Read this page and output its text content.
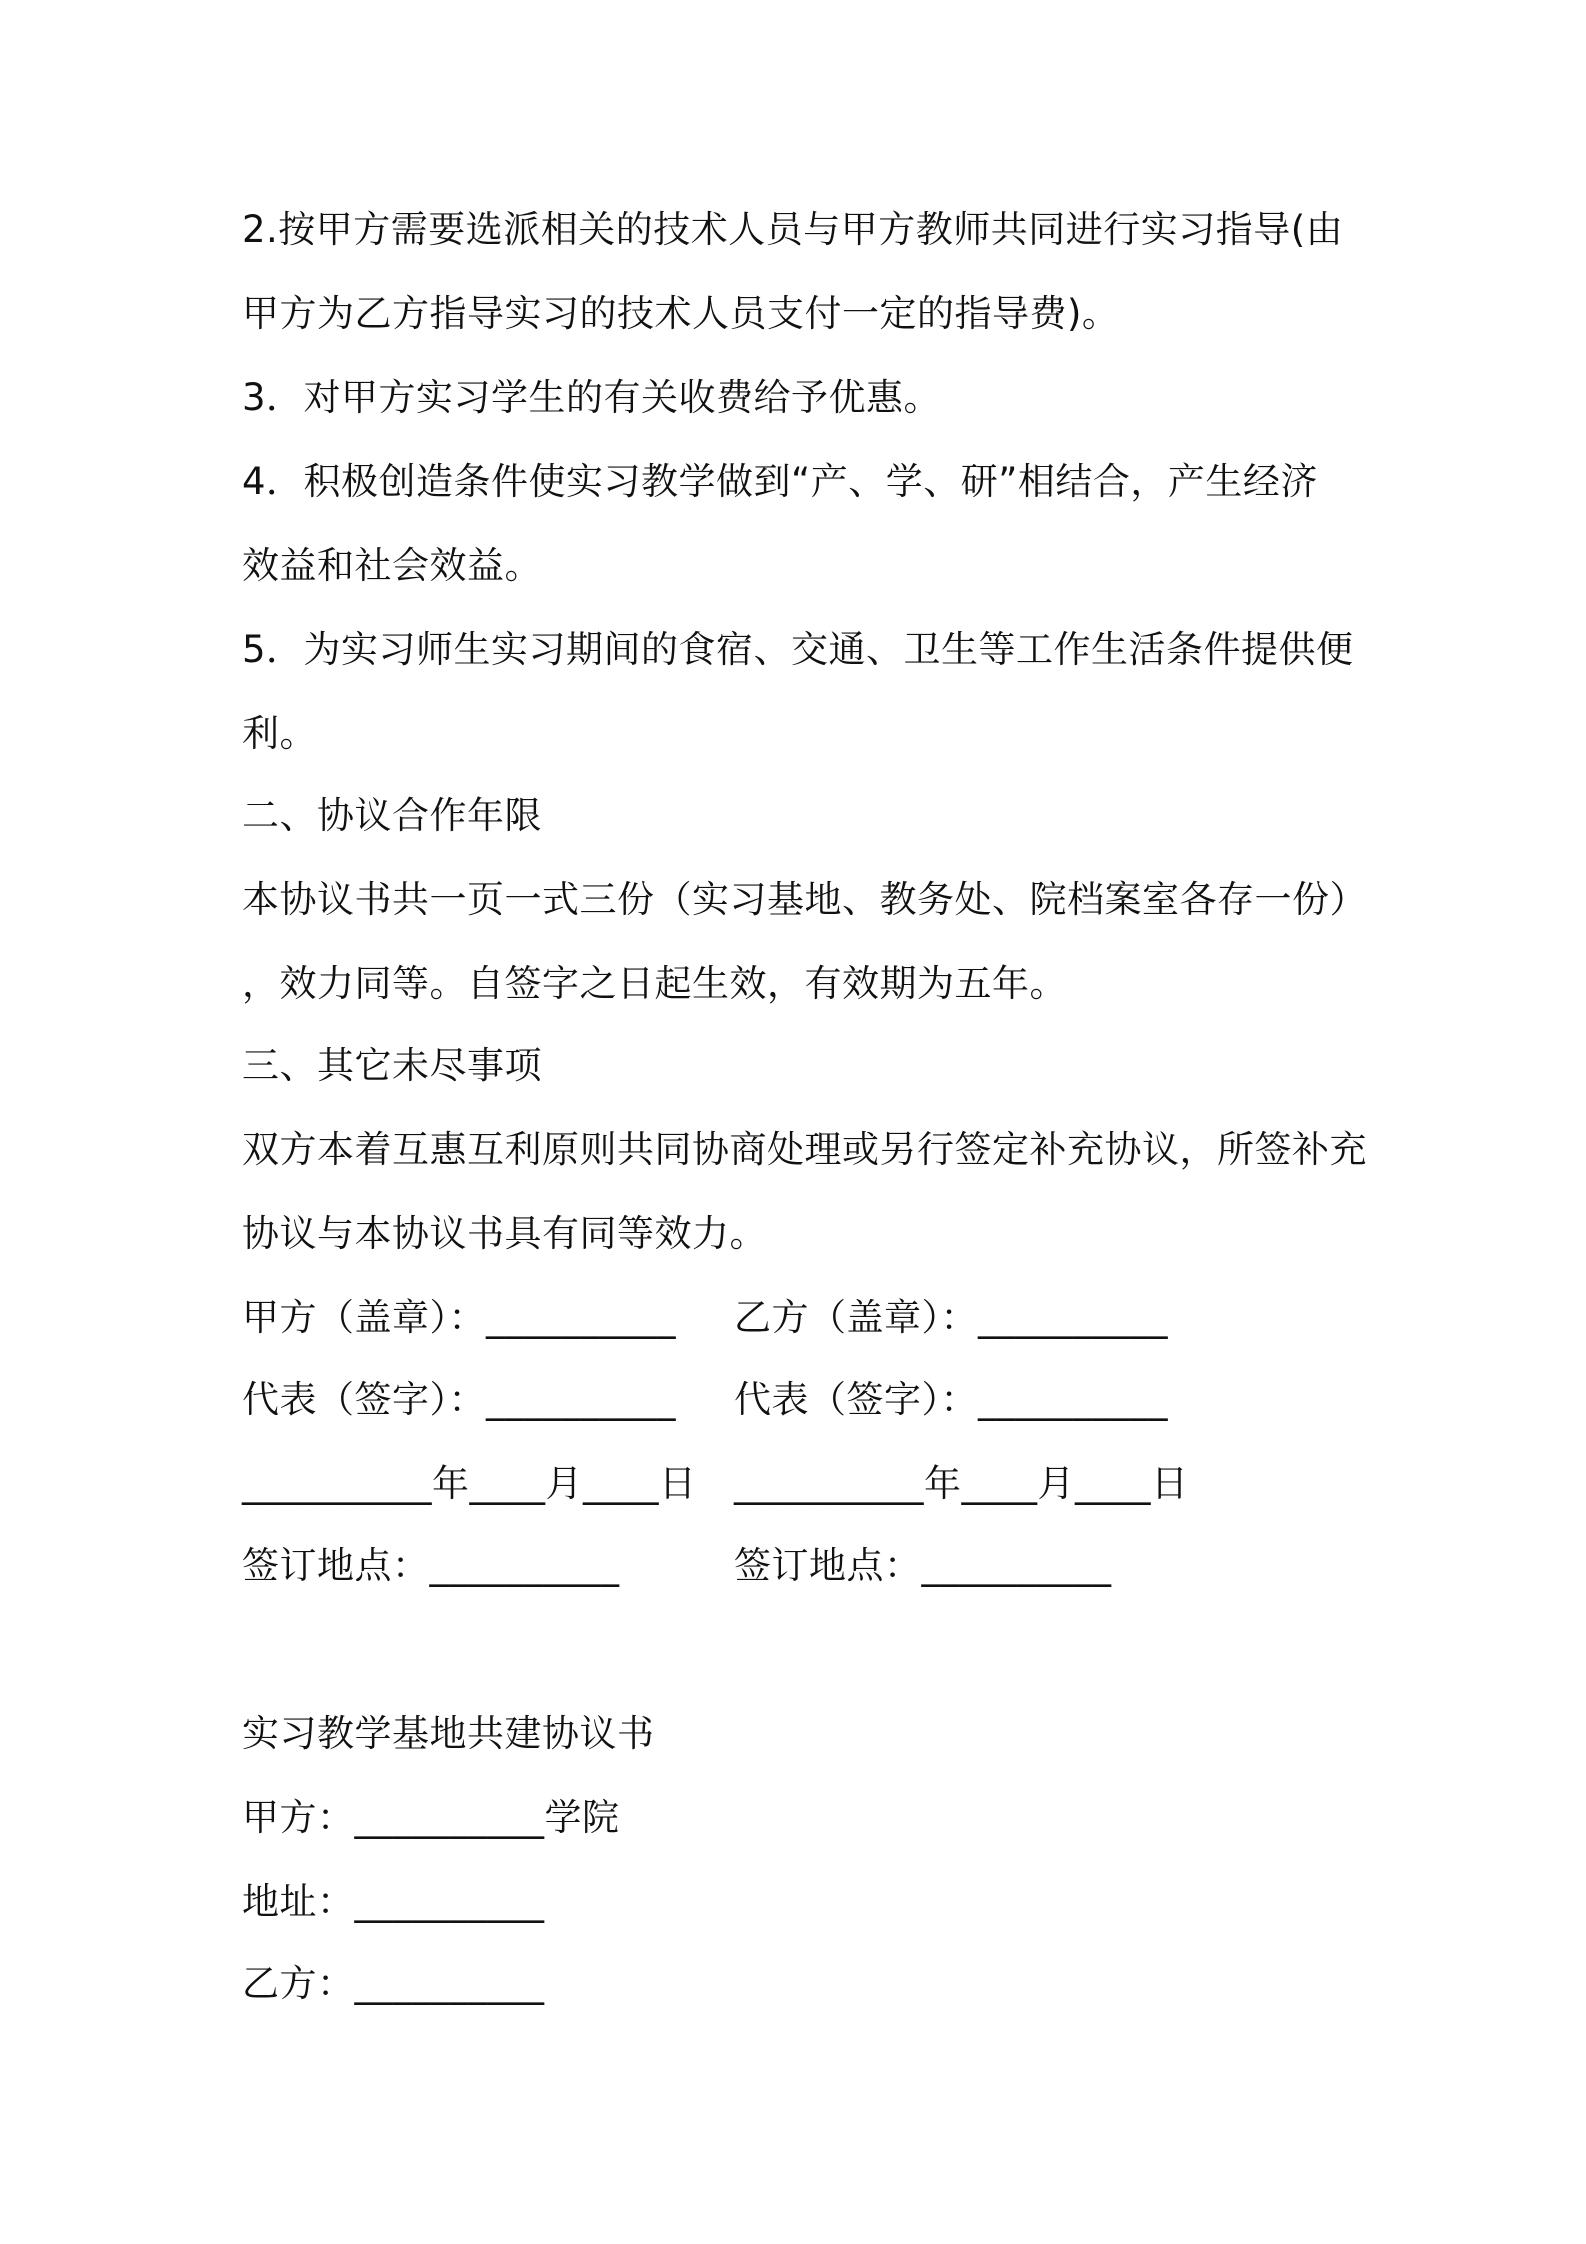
2.按甲方需要选派相关的技术人员与甲方教师共同进行实习指导(由
甲方为乙方指导实习的技术人员支付一定的指导费)。
3．对甲方实习学生的有关收费给予优惠。
4．积极创造条件使实习教学做到“产、学、研”相结合，产生经济
效益和社会效益。
5．为实习师生实习期间的食宿、交通、卫生等工作生活条件提供便
利。
二、协议合作年限
本协议书共一页一式三份（实习基地、教务处、院档案室各存一份）
，效力同等。自签字之日起生效，有效期为五年。
三、其它未尽事项
双方本着互惠互利原则共同协商处理或另行签定补充协议，所签补充
协议与本协议书具有同等效力。
甲方（盖章）：__________ 乙方（盖章）：__________
代表（签字）：__________ 代表（签字）：__________
__________年____月____日 __________年____月____日
签订地点：__________	签订地点：__________
实习教学基地共建协议书
甲方：__________学院
地址：__________
乙方：__________
